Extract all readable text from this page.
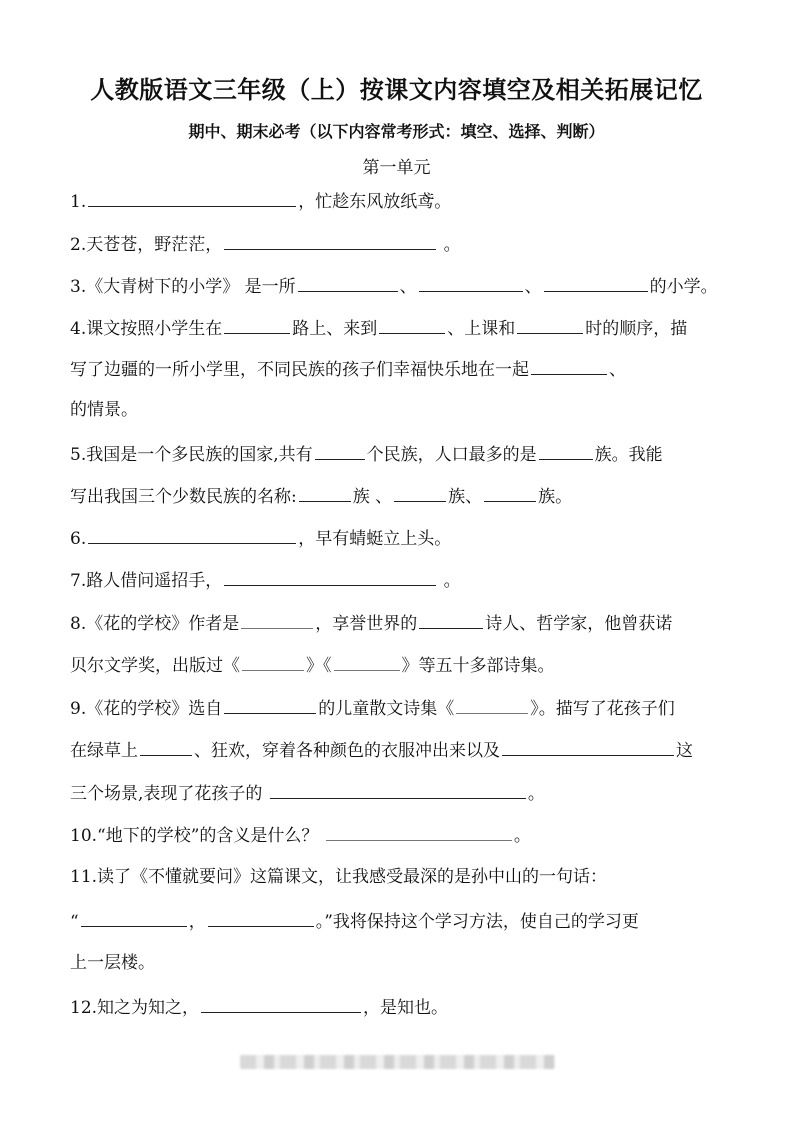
人教版语文三年级（上）按课文内容填空及相关拓展记忆
期中、期末必考（以下内容常考形式：填空、选择、判断）
第一单元
1.	，忙趁东风放纸鸢。
2.天苍苍，野茫茫，	。
3.《大青树下的小学》 是一所	、	、	的小学。
4.课文按照小学生在	路上、来到	、上课和	时的顺序，描
写了边疆的一所小学里，不同民族的孩子们幸福快乐地在一起	、
的情景。
5.我国是一个多民族的国家,共有	个民族，人口最多的是	族。我能
写出我国三个少数民族的名称:	族 、	族、	族。
6.	，早有蜻蜓立上头。
7.路人借问遥招手，	。
8.《花的学校》作者是	，享誉世界的	诗人、哲学家，他曾获诺
贝尔文学奖，出版过《	》《	》等五十多部诗集。
9.《花的学校》选自	的儿童散文诗集《	》。描写了花孩子们
在绿草上	、狂欢，穿着各种颜色的衣服冲出来以及	这
三个场景,表现了花孩子的	。
10.“地下的学校”的含义是什么？	。
11.读了《不懂就要问》这篇课文，让我感受最深的是孙中山的一句话：
“	，	。”我将保持这个学习方法，使自己的学习更
上一层楼。
12.知之为知之，	，是知也。
